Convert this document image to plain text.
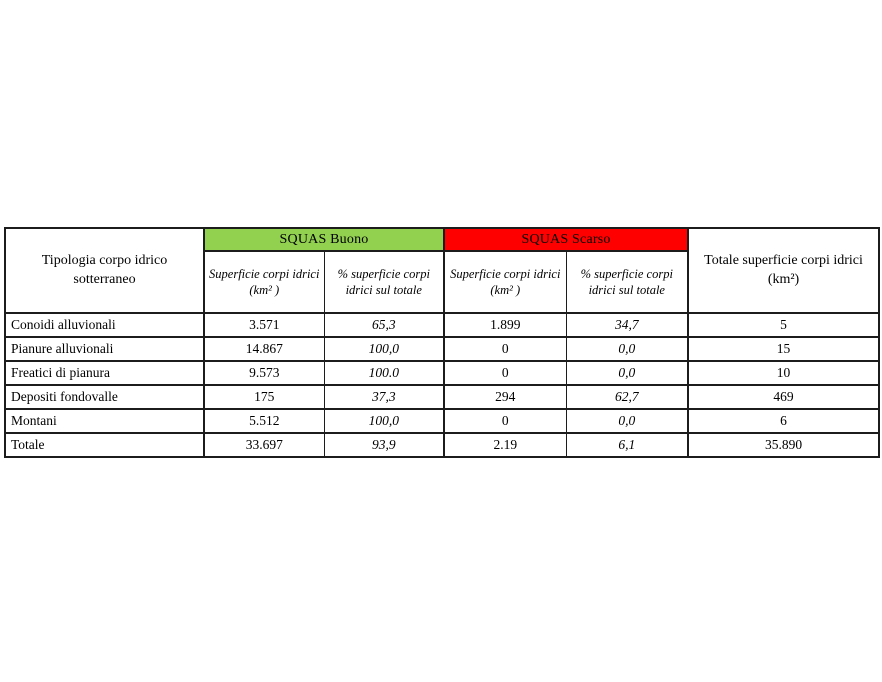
Tipologia corpo idrico sotterraneo	SQUAS Buono		SQUAS Scarso		Totale superficie corpi idrici (km²)
	Superficie corpi idrici (km² )	% superficie corpi idrici sul totale	Superficie corpi idrici (km² )	% superficie corpi idrici sul totale	
Conoidi alluvionali	3.571	65,3	1.899	34,7	5
Pianure alluvionali	14.867	100,0	0	0,0	15
Freatici di pianura	9.573	100.0	0	0,0	10
Depositi fondovalle	175	37,3	294	62,7	469
Montani	5.512	100,0	0	0,0	6
Totale	33.697	93,9	2.19	6,1	35.890
